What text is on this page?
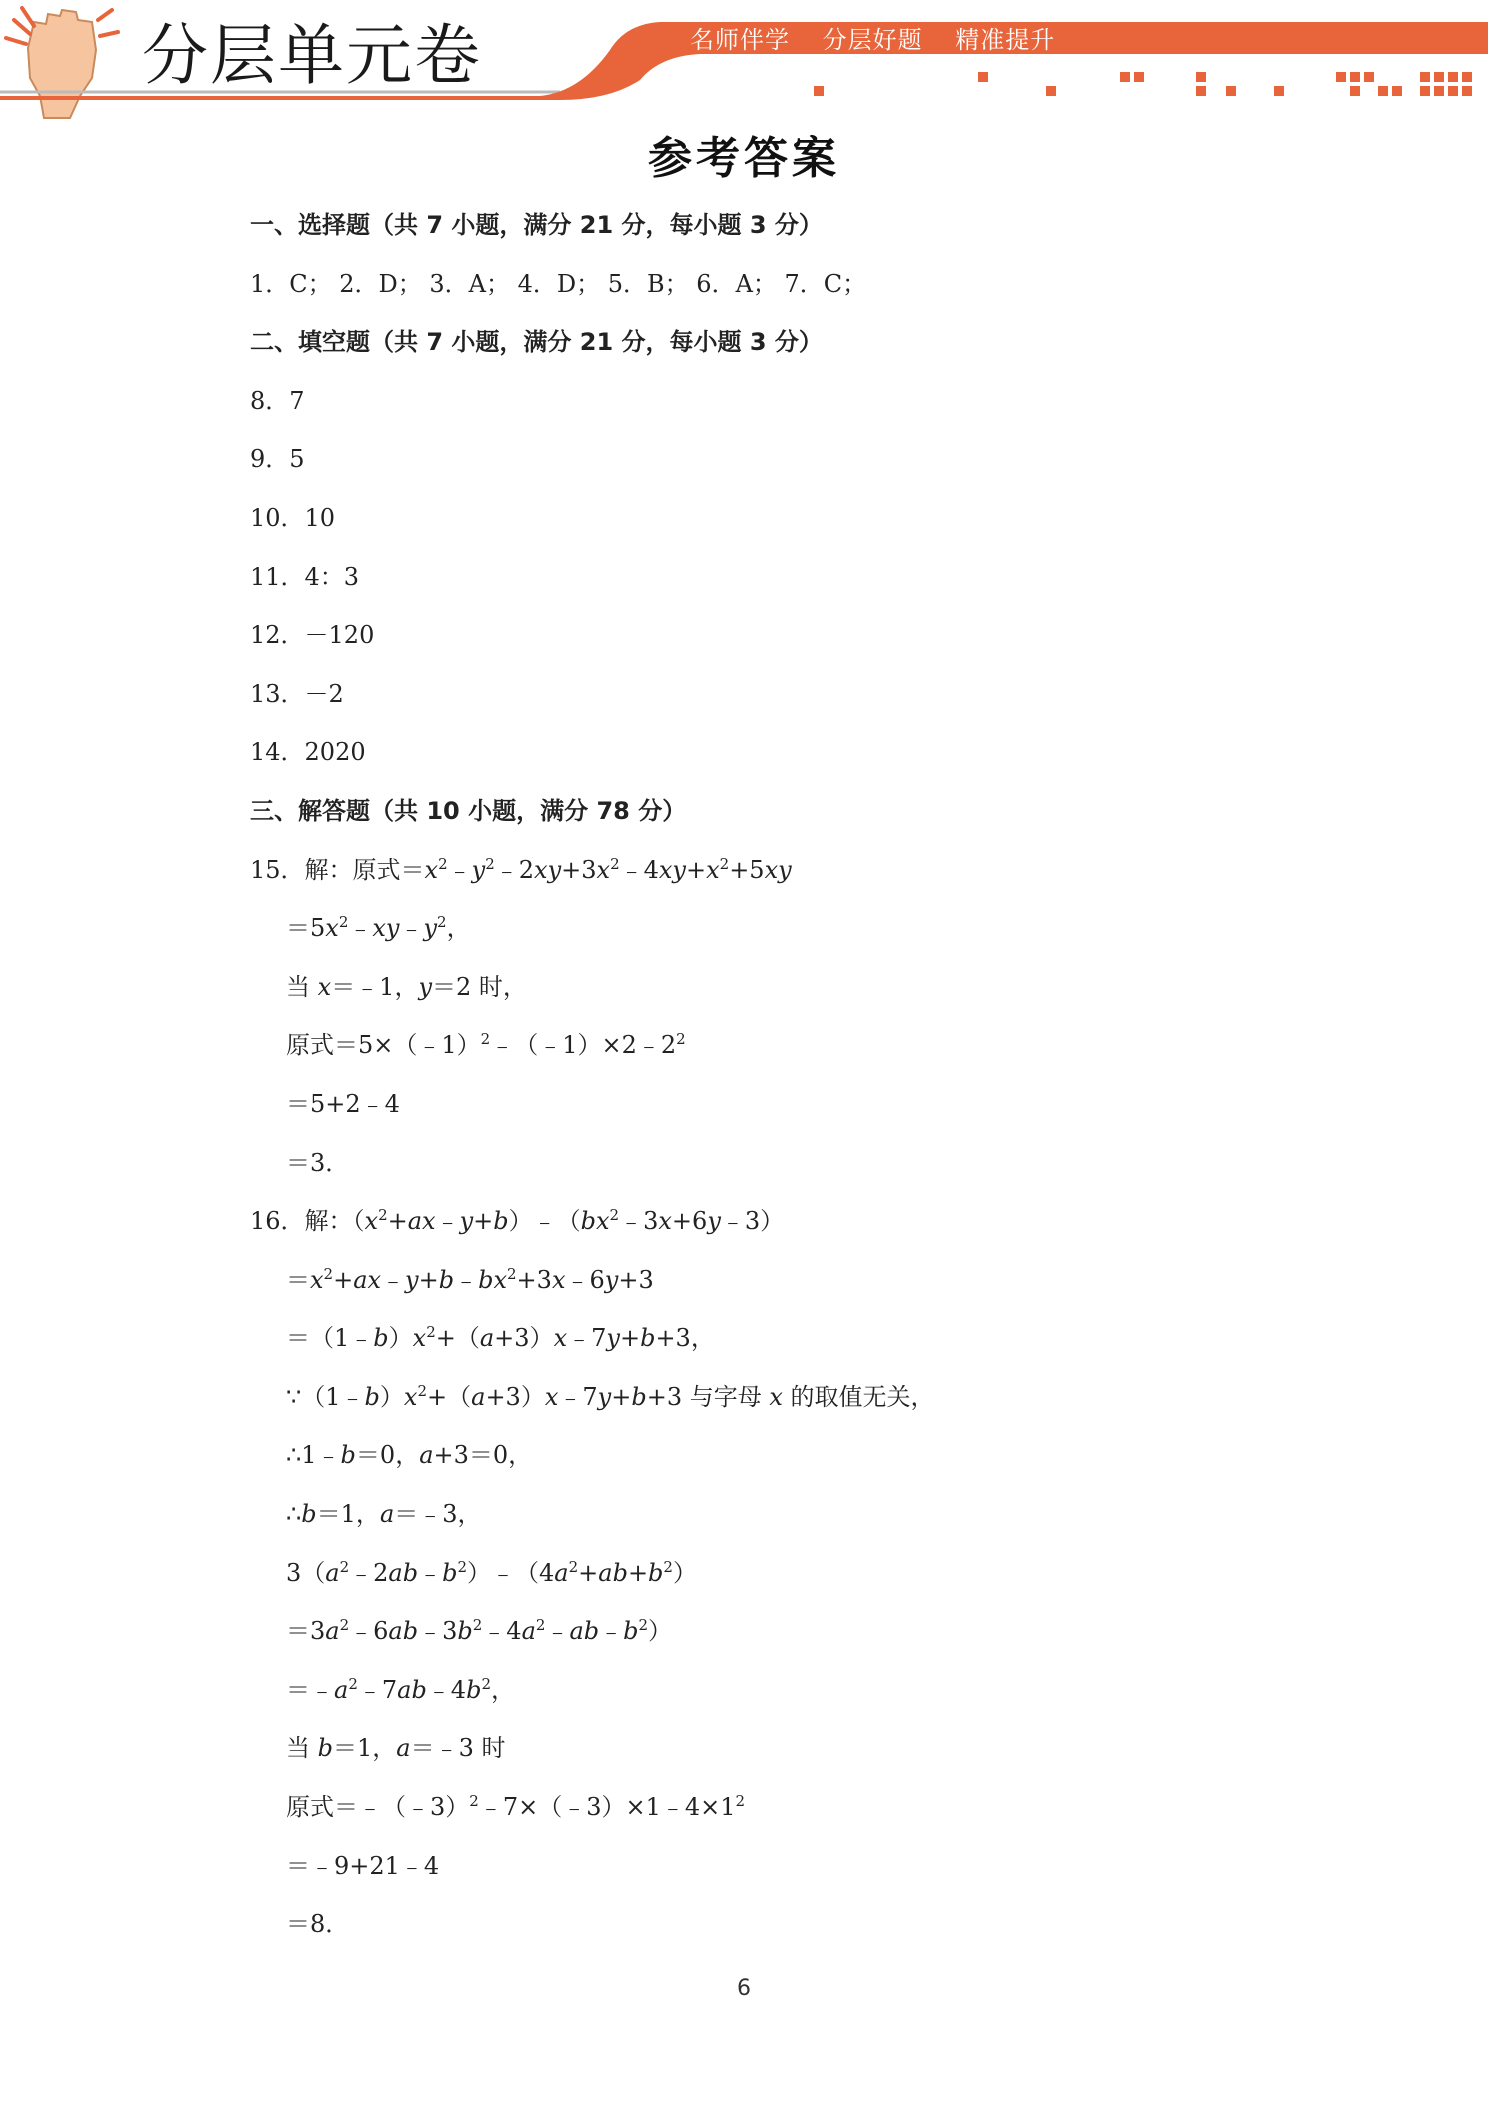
分层单元卷	名师伴学 分层好题 精准提升
参考答案
一、选择题（共 7 小题，满分 21 分，每小题 3 分）
1．C； 2．D； 3．A； 4．D； 5．B； 6．A； 7．C；
二、填空题（共 7 小题，满分 21 分，每小题 3 分）
8．7
9．5
10．10
11．4：3
12．－120
13．－2
14．2020
三、解答题（共 10 小题，满分 78 分）
15．解：原式$=x^2﹣y^2﹣2xy+3x^2﹣4xy+x^2+5xy$
$=5x^2﹣xy﹣y^2$，
当 x＝﹣1，y＝2 时，
原式$=5\times(﹣1)^2﹣(﹣1)\times 2﹣2^2$
＝5+2﹣4
＝3．
16．解：$(x^2+ax﹣y+b)﹣(bx^2﹣3x+6y﹣3)$
$=x^2+ax﹣y+b﹣bx^2+3x﹣6y+3$
$=(1﹣b)x^2+(a+3)x﹣7y+b+3$，
$\because(1﹣b)x^2+(a+3)x﹣7y+b+3$ 与字母 x 的取值无关，
∴1﹣b＝0，a+3＝0，
∴b＝1，a＝﹣3，
$3(a^2﹣2ab﹣b^2)﹣(4a^2+ab+b^2)$
$=3a^2﹣6ab﹣3b^2﹣4a^2﹣ab﹣b^2$）
$=﹣a^2﹣7ab﹣4b^2$，
当 b＝1，a＝﹣3 时
原式$=﹣(﹣3)^2﹣7\times(﹣3)\times 1﹣4\times 1^2$
＝﹣9+21﹣4
＝8．
6
